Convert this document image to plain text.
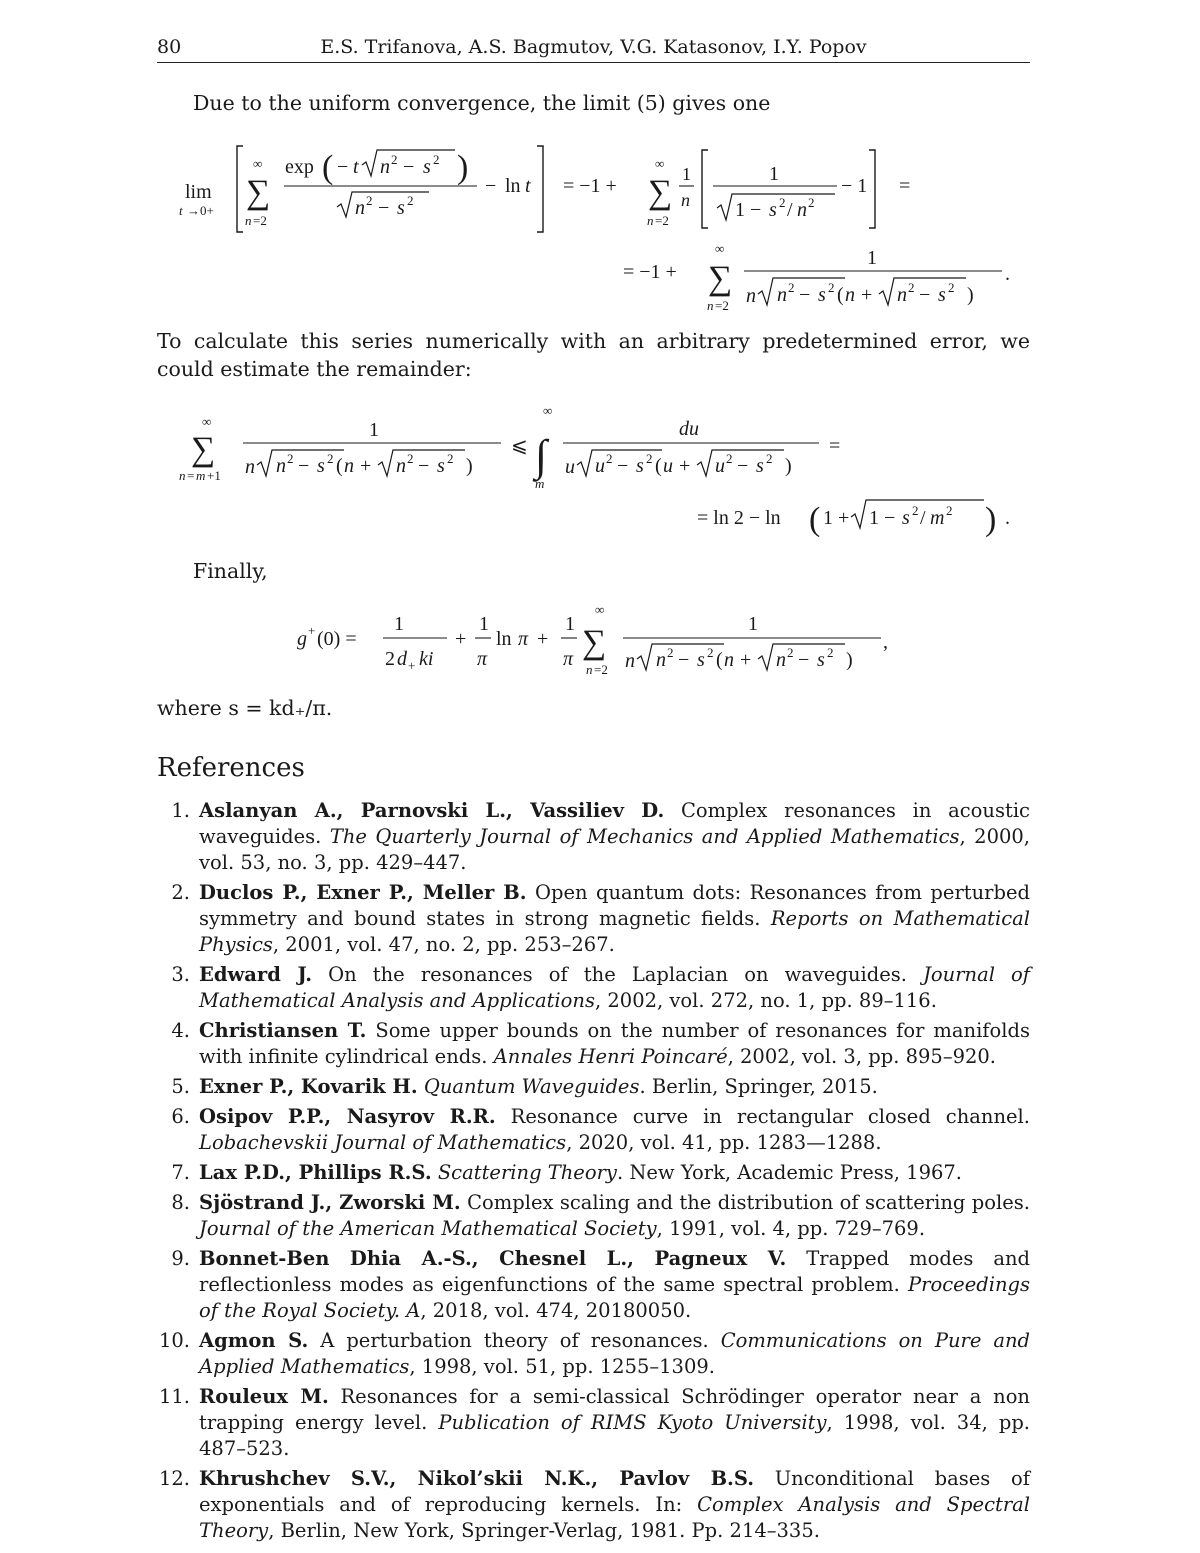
80	E.S. Trifanova, A.S. Bagmutov, V.G. Katasonov, I.Y. Popov
Due to the uniform convergence, the limit (5) gives one
lim
t →0+
∞
∑
n =2
exp ( − t n 2 − s 2 )
n 2 − s 2
− ln t = −1 +
∞
∑
n =2
1
n
1
1 − s 2 / n 2
− 1 =
= −1 +
∞
∑
n =2
1
n n 2 − s 2 ( n + n 2 − s 2 )
.
To calculate this series numerically with an arbitrary predetermined error, we could estimate the remainder:
∞
∑
n = m +1
1
n n 2 − s 2 ( n + n 2 − s 2 )
⩽
∞
∫
m
du
u u 2 − s 2 ( u + u 2 − s 2 )
=
= ln 2 − ln ( 1 + 1 − s 2 / m 2 ) .
Finally,
g + (0) =
1
2 d + ki
+
1
π
ln π +
1
π
∞
∑
n =2
1
n n 2 − s 2 ( n + n 2 − s 2 )
,
where s = kd₊/π.
References
1. Aslanyan A., Parnovski L., Vassiliev D. Complex resonances in acoustic waveguides. The Quarterly Journal of Mechanics and Applied Mathematics, 2000, vol. 53, no. 3, pp. 429–447.
2. Duclos P., Exner P., Meller B. Open quantum dots: Resonances from perturbed symmetry and bound states in strong magnetic fields. Reports on Mathematical Physics, 2001, vol. 47, no. 2, pp. 253–267.
3. Edward J. On the resonances of the Laplacian on waveguides. Journal of Mathematical Analysis and Applications, 2002, vol. 272, no. 1, pp. 89–116.
4. Christiansen T. Some upper bounds on the number of resonances for manifolds with infinite cylindrical ends. Annales Henri Poincaré, 2002, vol. 3, pp. 895–920.
5. Exner P., Kovarik H. Quantum Waveguides. Berlin, Springer, 2015.
6. Osipov P.P., Nasyrov R.R. Resonance curve in rectangular closed channel. Lobachevskii Journal of Mathematics, 2020, vol. 41, pp. 1283—1288.
7. Lax P.D., Phillips R.S. Scattering Theory. New York, Academic Press, 1967.
8. Sjöstrand J., Zworski M. Complex scaling and the distribution of scattering poles. Journal of the American Mathematical Society, 1991, vol. 4, pp. 729–769.
9. Bonnet-Ben Dhia A.-S., Chesnel L., Pagneux V. Trapped modes and reflectionless modes as eigenfunctions of the same spectral problem. Proceedings of the Royal Society. A, 2018, vol. 474, 20180050.
10. Agmon S. A perturbation theory of resonances. Communications on Pure and Applied Mathematics, 1998, vol. 51, pp. 1255–1309.
11. Rouleux M. Resonances for a semi-classical Schrödinger operator near a non trapping energy level. Publication of RIMS Kyoto University, 1998, vol. 34, pp. 487–523.
12. Khrushchev S.V., Nikol’skii N.K., Pavlov B.S. Unconditional bases of exponentials and of reproducing kernels. In: Complex Analysis and Spectral Theory, Berlin, New York, Springer-Verlag, 1981. Pp. 214–335.
